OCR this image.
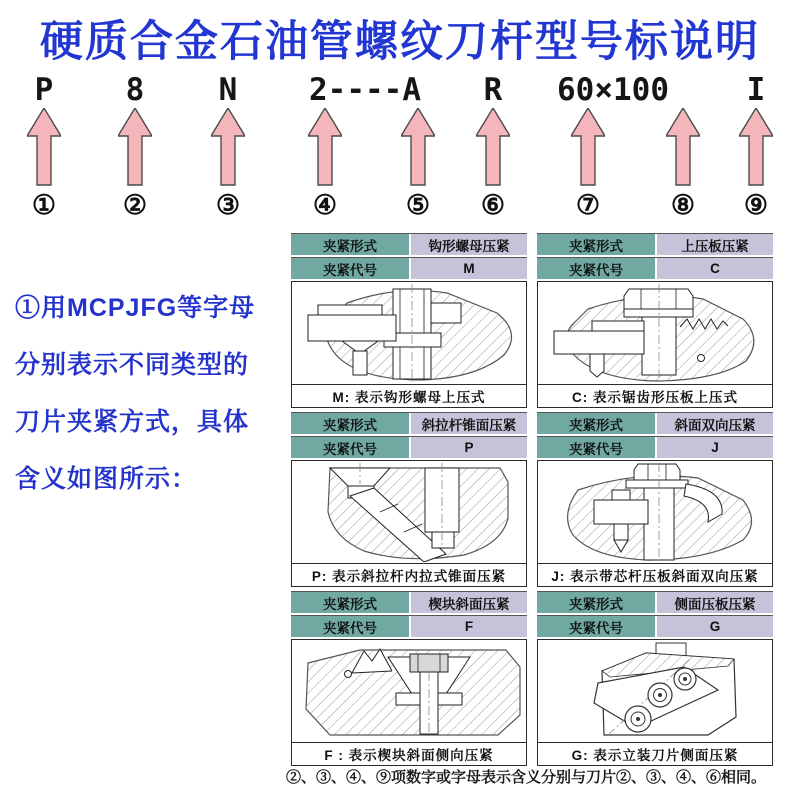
硬质合金石油管螺纹刀杆型号标说明
P	8	N	2----A	R	60×100	I
① ②	③	④	⑤ ⑥	⑦	⑧ ⑨
①用MCPJFG等字母
分别表示不同类型的
刀片夹紧方式，具体
含义如图所示：
夹紧形式	钩形螺母压紧
夹紧代号	M
M: 表示钩形螺母上压式
夹紧形式	上压板压紧
夹紧代号	C
C: 表示锯齿形压板上压式
夹紧形式	斜拉杆锥面压紧
夹紧代号	P
P: 表示斜拉杆内拉式锥面压紧
夹紧形式	斜面双向压紧
夹紧代号	J
J: 表示带芯杆压板斜面双向压紧
夹紧形式	楔块斜面压紧
夹紧代号	F
F : 表示楔块斜面侧向压紧
夹紧形式	侧面压板压紧
夹紧代号	G
G: 表示立装刀片侧面压紧
②、③、④、⑨项数字或字母表示含义分别与刀片②、③、④、⑥相同。
